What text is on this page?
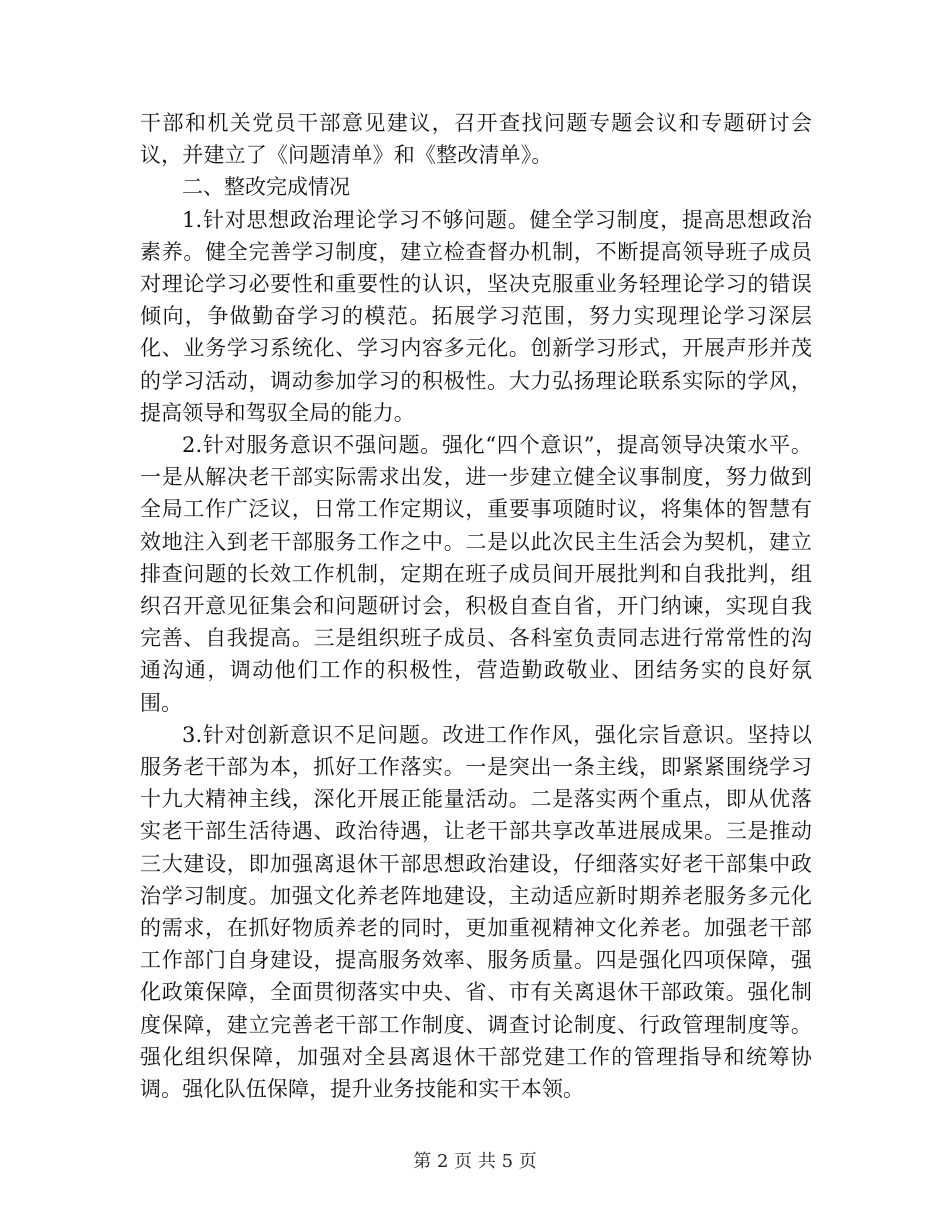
干部和机关党员干部意见建议，召开查找问题专题会议和专题研讨会议，并建立了《问题清单》和《整改清单》。

二、整改完成情况

1.针对思想政治理论学习不够问题。健全学习制度，提高思想政治素养。健全完善学习制度，建立检查督办机制，不断提高领导班子成员对理论学习必要性和重要性的认识，坚决克服重业务轻理论学习的错误倾向，争做勤奋学习的模范。拓展学习范围，努力实现理论学习深层化、业务学习系统化、学习内容多元化。创新学习形式，开展声形并茂的学习活动，调动参加学习的积极性。大力弘扬理论联系实际的学风，提高领导和驾驭全局的能力。

2.针对服务意识不强问题。强化“四个意识”，提高领导决策水平。一是从解决老干部实际需求出发，进一步建立健全议事制度，努力做到全局工作广泛议，日常工作定期议，重要事项随时议，将集体的智慧有效地注入到老干部服务工作之中。二是以此次民主生活会为契机，建立排查问题的长效工作机制，定期在班子成员间开展批判和自我批判，组织召开意见征集会和问题研讨会，积极自查自省，开门纳谏，实现自我完善、自我提高。三是组织班子成员、各科室负责同志进行常常性的沟通沟通，调动他们工作的积极性，营造勤政敬业、团结务实的良好氛围。

3.针对创新意识不足问题。改进工作作风，强化宗旨意识。坚持以服务老干部为本，抓好工作落实。一是突出一条主线，即紧紧围绕学习十九大精神主线，深化开展正能量活动。二是落实两个重点，即从优落实老干部生活待遇、政治待遇，让老干部共享改革进展成果。三是推动三大建设，即加强离退休干部思想政治建设，仔细落实好老干部集中政治学习制度。加强文化养老阵地建设，主动适应新时期养老服务多元化的需求，在抓好物质养老的同时，更加重视精神文化养老。加强老干部工作部门自身建设，提高服务效率、服务质量。四是强化四项保障，强化政策保障，全面贯彻落实中央、省、市有关离退休干部政策。强化制度保障，建立完善老干部工作制度、调查讨论制度、行政管理制度等。强化组织保障，加强对全县离退休干部党建工作的管理指导和统筹协调。强化队伍保障，提升业务技能和实干本领。

第 2 页 共 5 页
